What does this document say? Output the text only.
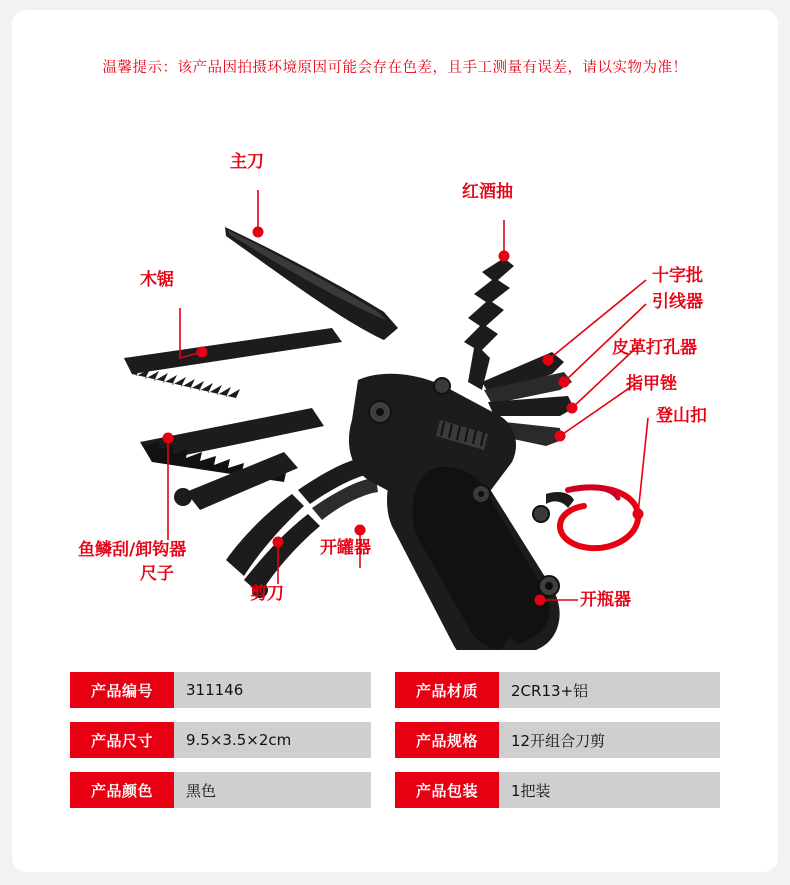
温馨提示：该产品因拍摄环境原因可能会存在色差，且手工测量有误差，请以实物为准！
主刀
红酒抽
木锯	十字批
引线器
皮革打孔器
指甲锉
登山扣
鱼鳞刮/卸钩器
尺子
剪刀
开罐器
开瓶器
产品编号	311146	产品材质	2CR13+铝
产品尺寸	9.5×3.5×2cm	产品规格	12开组合刀剪
产品颜色	黑色	产品包装	1把装
